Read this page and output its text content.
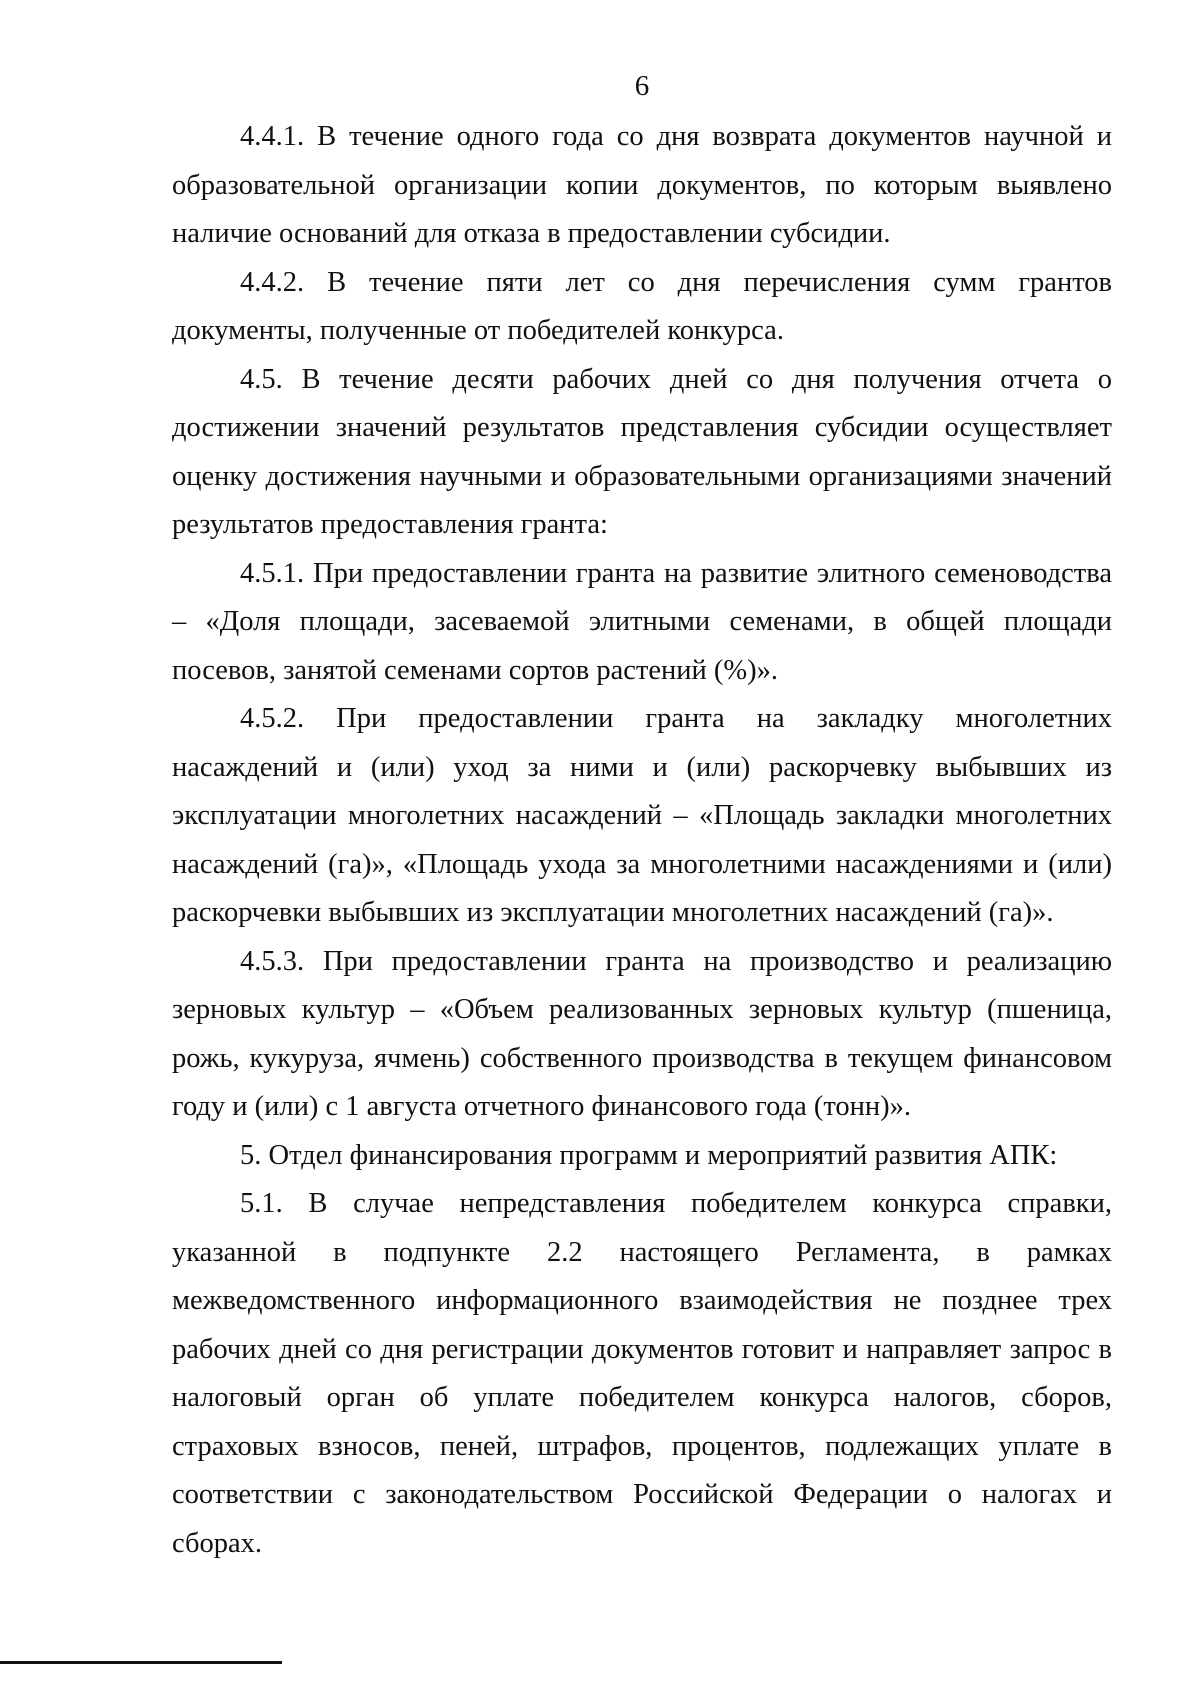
6

4.4.1. В течение одного года со дня возврата документов научной и образовательной организации копии документов, по которым выявлено наличие оснований для отказа в предоставлении субсидии.

4.4.2. В течение пяти лет со дня перечисления сумм грантов документы, полученные от победителей конкурса.

4.5. В течение десяти рабочих дней со дня получения отчета о достижении значений результатов представления субсидии осуществляет оценку достижения научными и образовательными организациями значений результатов предоставления гранта:

4.5.1. При предоставлении гранта на развитие элитного семеноводства – «Доля площади, засеваемой элитными семенами, в общей площади посевов, занятой семенами сортов растений (%)».

4.5.2. При предоставлении гранта на закладку многолетних насаждений и (или) уход за ними и (или) раскорчевку выбывших из эксплуатации многолетних насаждений – «Площадь закладки многолетних насаждений (га)», «Площадь ухода за многолетними насаждениями и (или) раскорчевки выбывших из эксплуатации многолетних насаждений (га)».

4.5.3. При предоставлении гранта на производство и реализацию зерновых культур – «Объем реализованных зерновых культур (пшеница, рожь, кукуруза, ячмень) собственного производства в текущем финансовом году и (или) с 1 августа отчетного финансового года (тонн)».

5. Отдел финансирования программ и мероприятий развития АПК:

5.1. В случае непредставления победителем конкурса справки, указанной в подпункте 2.2 настоящего Регламента, в рамках межведомственного информационного взаимодействия не позднее трех рабочих дней со дня регистрации документов готовит и направляет запрос в налоговый орган об уплате победителем конкурса налогов, сборов, страховых взносов, пеней, штрафов, процентов, подлежащих уплате в соответствии с законодательством Российской Федерации о налогах и сборах.
